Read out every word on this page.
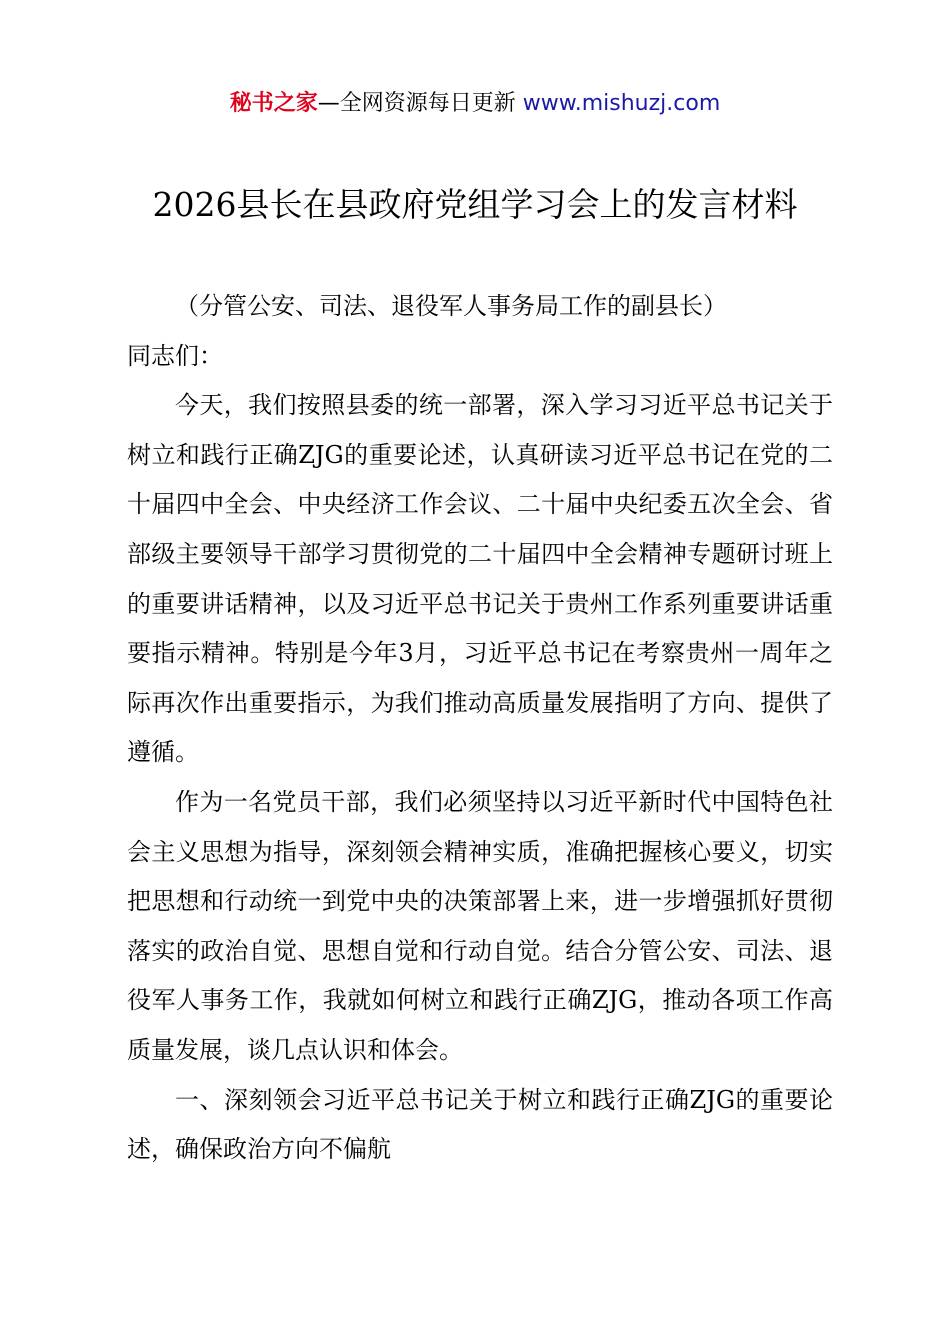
秘书之家—全网资源每日更新 www.mishuzj.com
2026县长在县政府党组学习会上的发言材料

（分管公安、司法、退役军人事务局工作的副县长）

同志们：

今天，我们按照县委的统一部署，深入学习习近平总书记关于树立和践行正确ZJG的重要论述，认真研读习近平总书记在党的二十届四中全会、中央经济工作会议、二十届中央纪委五次全会、省部级主要领导干部学习贯彻党的二十届四中全会精神专题研讨班上的重要讲话精神，以及习近平总书记关于贵州工作系列重要讲话重要指示精神。特别是今年3月，习近平总书记在考察贵州一周年之际再次作出重要指示，为我们推动高质量发展指明了方向、提供了遵循。

作为一名党员干部，我们必须坚持以习近平新时代中国特色社会主义思想为指导，深刻领会精神实质，准确把握核心要义，切实把思想和行动统一到党中央的决策部署上来，进一步增强抓好贯彻落实的政治自觉、思想自觉和行动自觉。结合分管公安、司法、退役军人事务工作，我就如何树立和践行正确ZJG，推动各项工作高质量发展，谈几点认识和体会。

一、深刻领会习近平总书记关于树立和践行正确ZJG的重要论述，确保政治方向不偏航
